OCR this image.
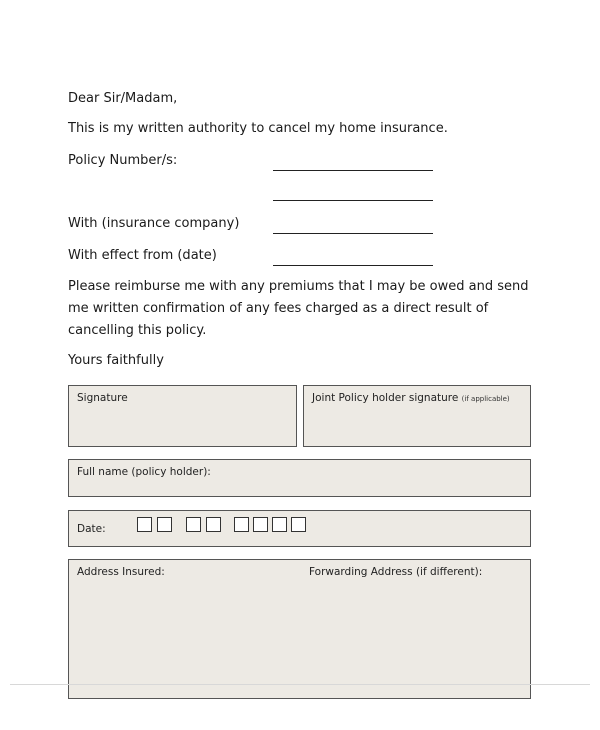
Dear Sir/Madam,
This is my written authority to cancel my home insurance.
Policy Number/s:
With (insurance company)
With effect from (date)
Please reimburse me with any premiums that I may be owed and send me written confirmation of any fees charged as a direct result of cancelling this policy.
Yours faithfully
Signature	Joint Policy holder signature (if applicable)
Full name (policy holder):
Date:
Address Insured:	Forwarding Address (if different):
